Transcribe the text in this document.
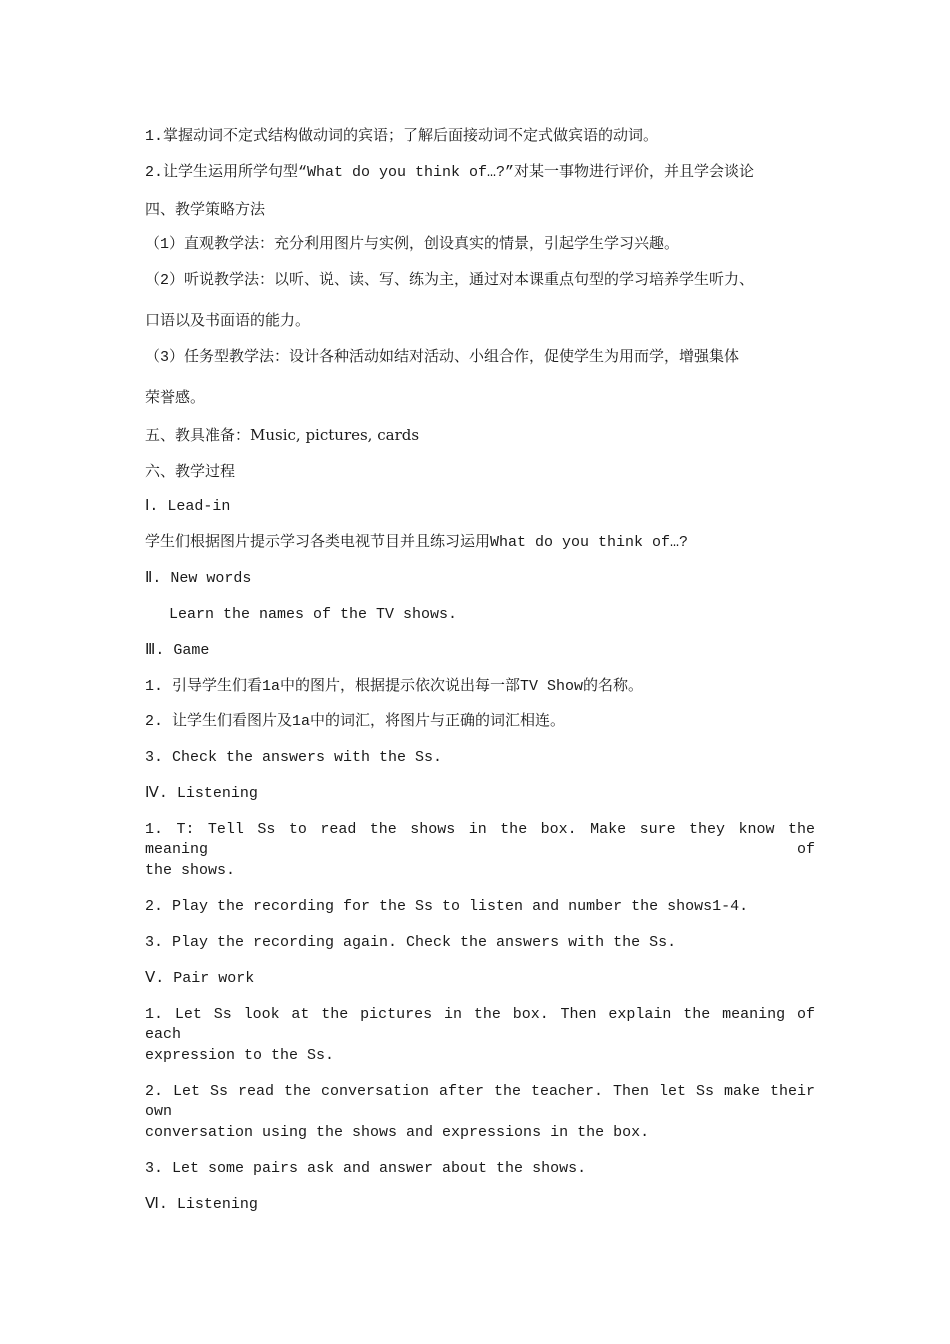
1.掌握动词不定式结构做动词的宾语；了解后面接动词不定式做宾语的动词。
2.让学生运用所学句型“What do you think of…?”对某一事物进行评价，并且学会谈论
四、教学策略方法
（1）直观教学法：充分利用图片与实例，创设真实的情景，引起学生学习兴趣。
（2）听说教学法：以听、说、读、写、练为主，通过对本课重点句型的学习培养学生听力、
口语以及书面语的能力。
（3）任务型教学法：设计各种活动如结对活动、小组合作，促使学生为用而学，增强集体
荣誉感。
五、教具准备：Music, pictures, cards
六、教学过程
Ⅰ. Lead-in
学生们根据图片提示学习各类电视节目并且练习运用What do you think of…?
Ⅱ. New words
Learn the names of the TV shows.
Ⅲ. Game
1. 引导学生们看1a中的图片，根据提示依次说出每一部TV Show的名称。
2. 让学生们看图片及1a中的词汇，将图片与正确的词汇相连。
3. Check the answers with the Ss.
Ⅳ. Listening
1. T: Tell Ss to read the shows in the box. Make sure they know the meaning of
the shows.
2. Play the recording for the Ss to listen and number the shows1-4.
3. Play the recording again. Check the answers with the Ss.
Ⅴ. Pair work
1. Let Ss look at the pictures in the box. Then explain the meaning of each
expression to the Ss.
2. Let Ss read the conversation after the teacher. Then let Ss make their own
conversation using the shows and expressions in the box.
3. Let some pairs ask and answer about the shows.
Ⅵ. Listening
